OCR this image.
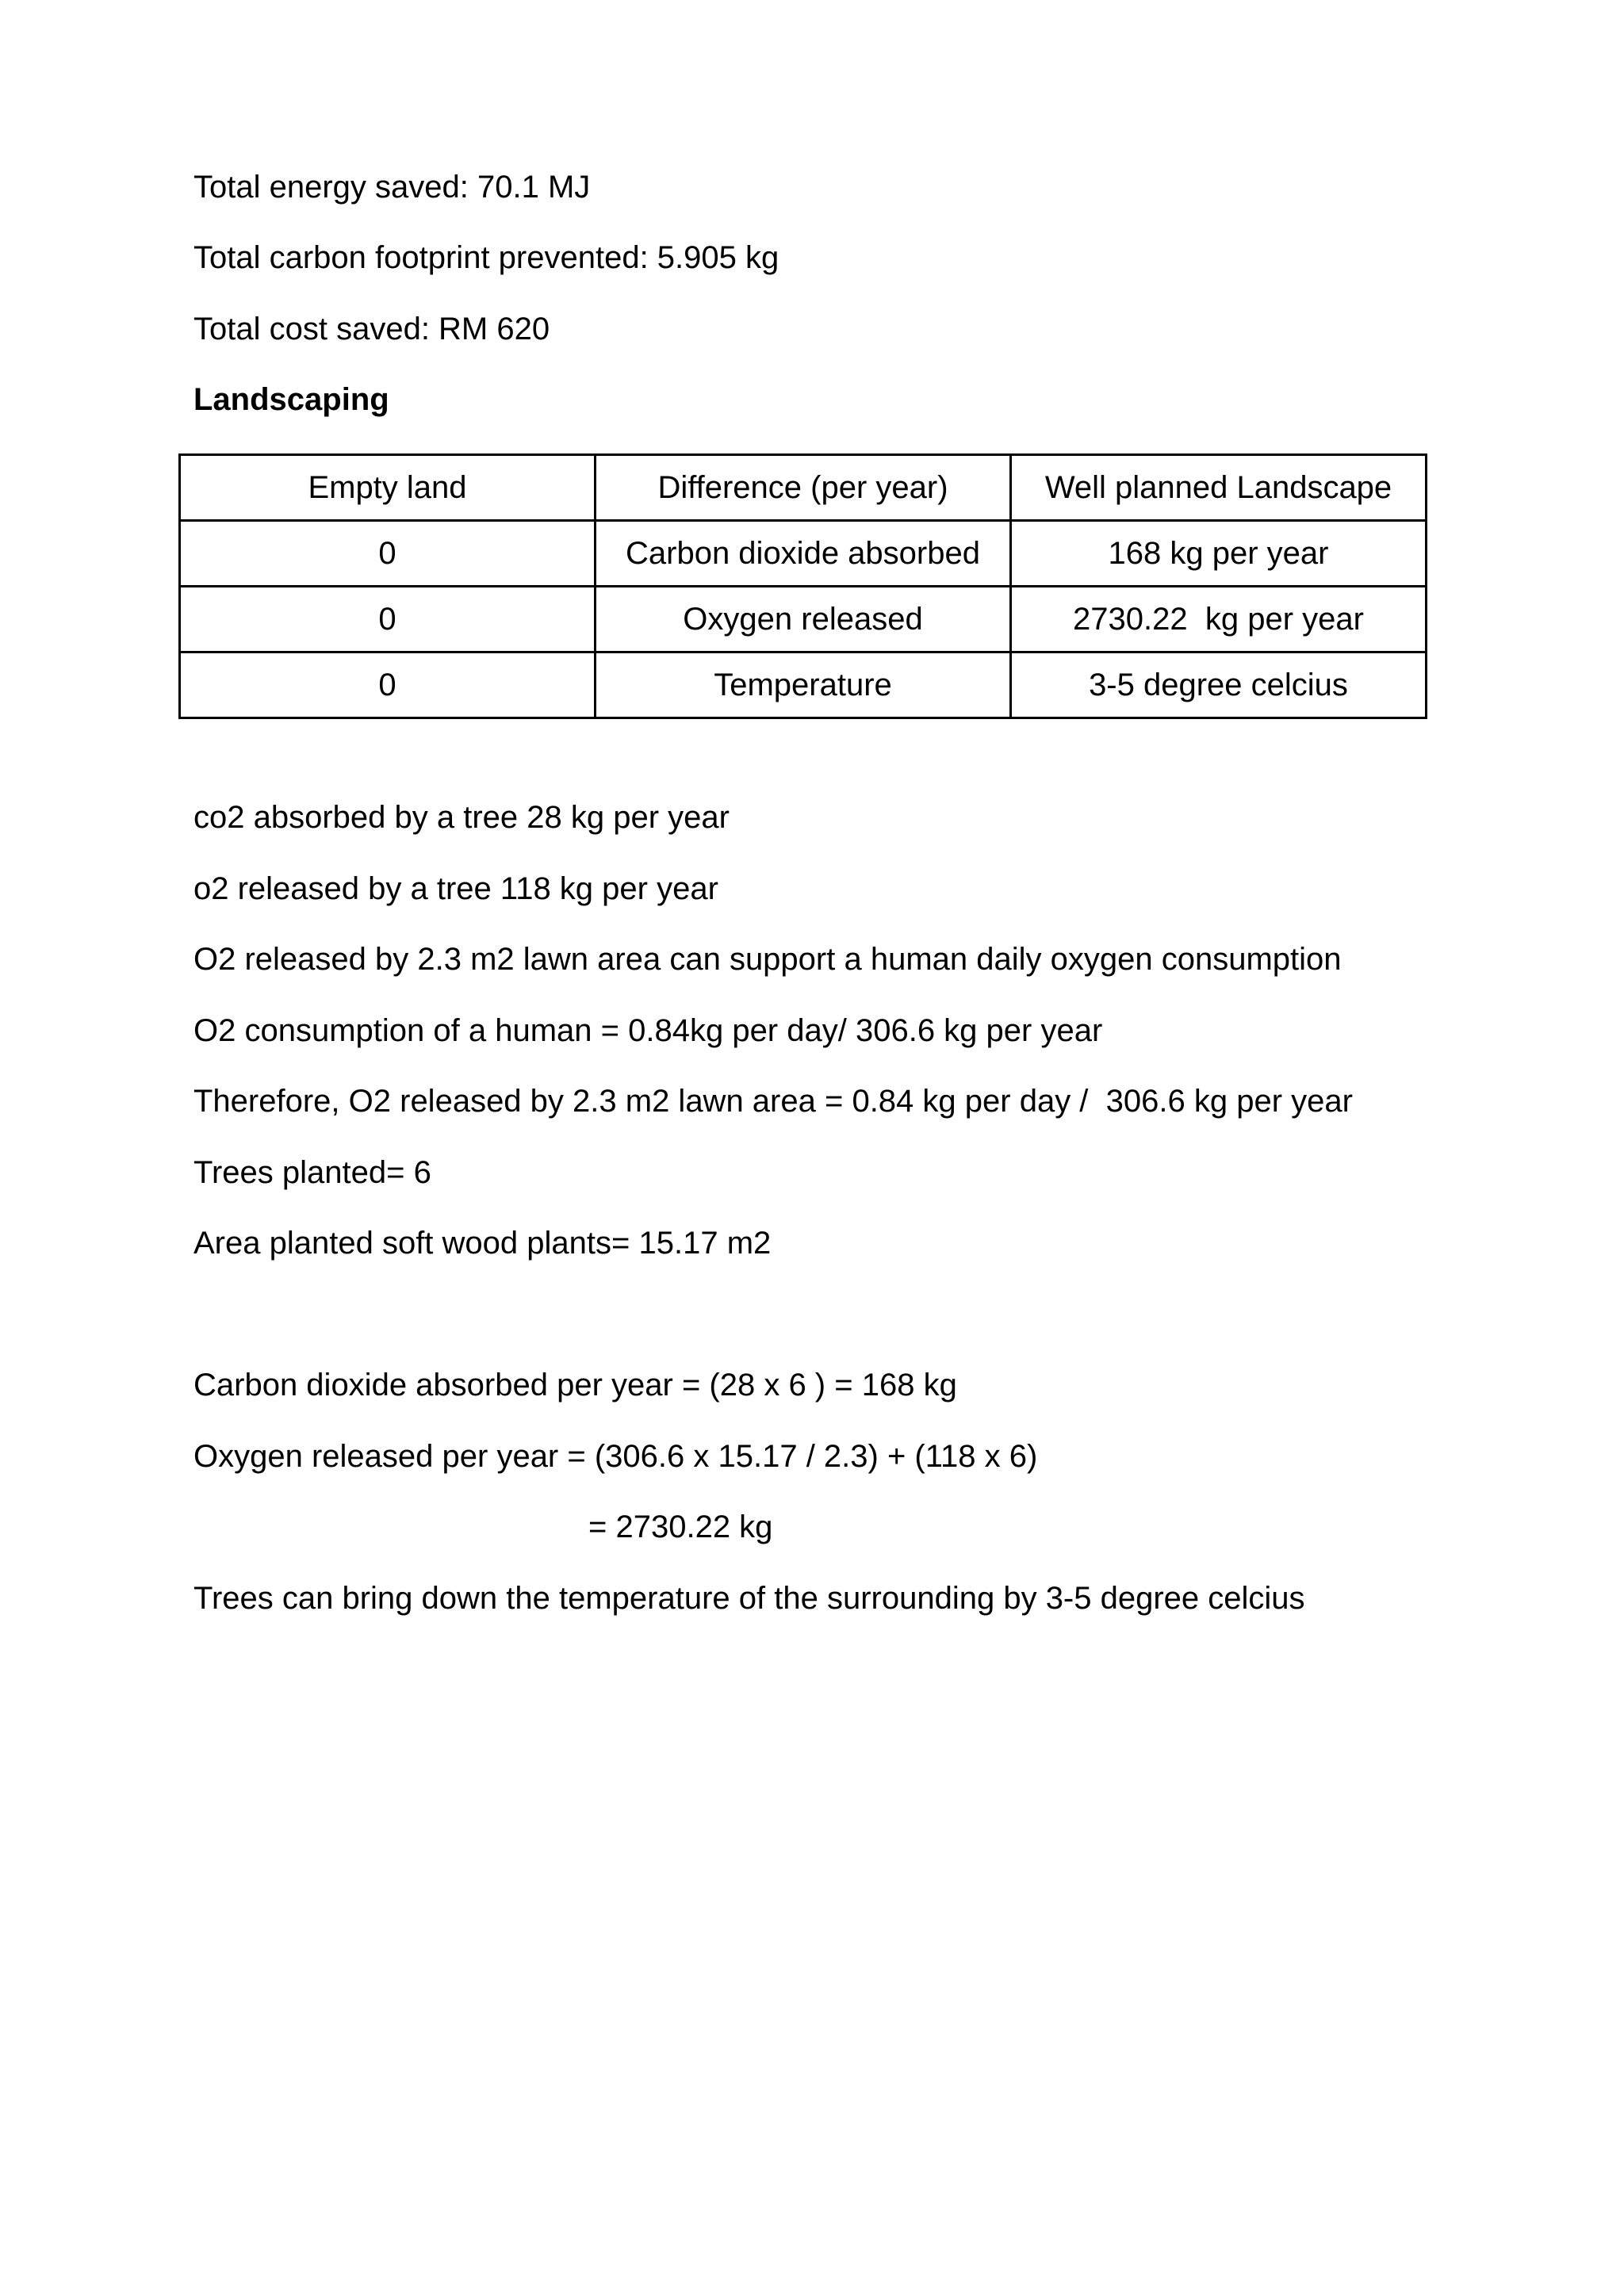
Total energy saved: 70.1 MJ
Total carbon footprint prevented: 5.905 kg
Total cost saved: RM 620
Landscaping
Empty land	Difference (per year)	Well planned Landscape
0	Carbon dioxide absorbed	168 kg per year
0	Oxygen released	2730.22  kg per year
0	Temperature	3-5 degree celcius
co2 absorbed by a tree 28 kg per year
o2 released by a tree 118 kg per year
O2 released by 2.3 m2 lawn area can support a human daily oxygen consumption
O2 consumption of a human = 0.84kg per day/ 306.6 kg per year
Therefore, O2 released by 2.3 m2 lawn area = 0.84 kg per day /  306.6 kg per year
Trees planted= 6
Area planted soft wood plants= 15.17 m2
Carbon dioxide absorbed per year = (28 x 6 ) = 168 kg
Oxygen released per year = (306.6 x 15.17 / 2.3) + (118 x 6)
= 2730.22 kg
Trees can bring down the temperature of the surrounding by 3-5 degree celcius
